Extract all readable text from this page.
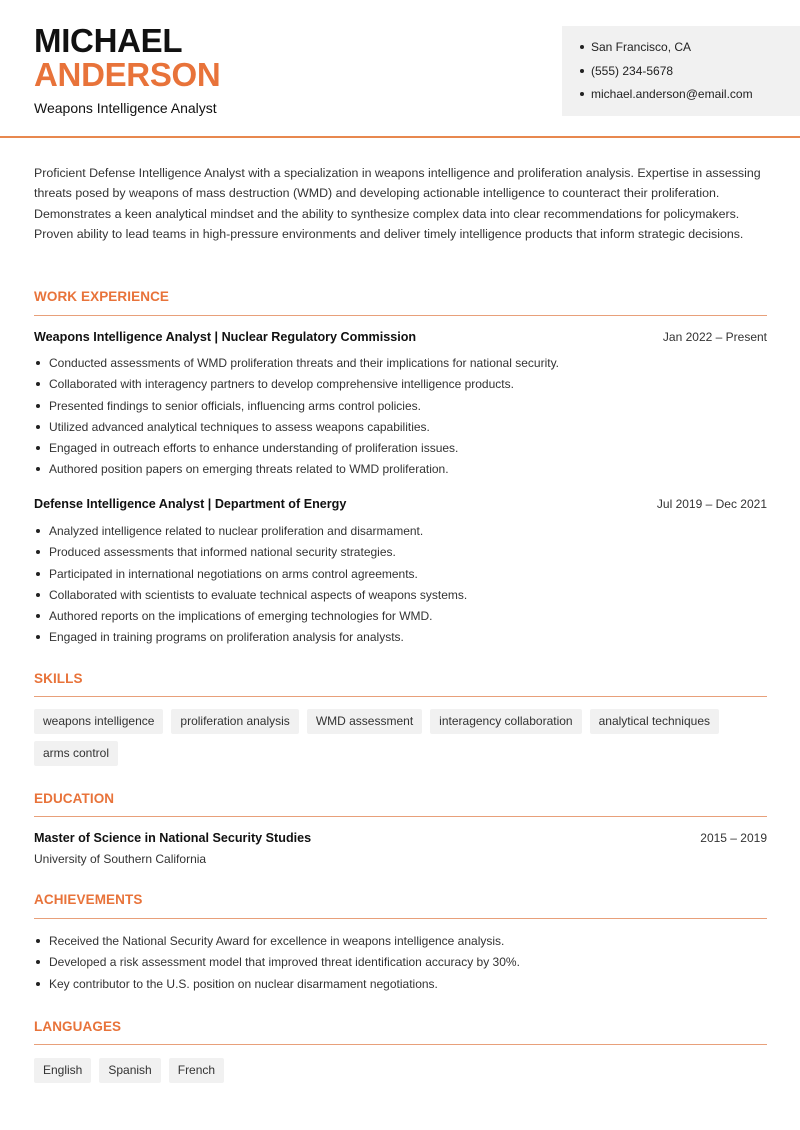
MICHAEL
ANDERSON
Weapons Intelligence Analyst
San Francisco, CA
(555) 234-5678
michael.anderson@email.com

Proficient Defense Intelligence Analyst with a specialization in weapons intelligence and proliferation analysis. Expertise in assessing threats posed by weapons of mass destruction (WMD) and developing actionable intelligence to counteract their proliferation. Demonstrates a keen analytical mindset and the ability to synthesize complex data into clear recommendations for policymakers. Proven ability to lead teams in high-pressure environments and deliver timely intelligence products that inform strategic decisions.

WORK EXPERIENCE
Weapons Intelligence Analyst | Nuclear Regulatory Commission	Jan 2022 – Present
Conducted assessments of WMD proliferation threats and their implications for national security.
Collaborated with interagency partners to develop comprehensive intelligence products.
Presented findings to senior officials, influencing arms control policies.
Utilized advanced analytical techniques to assess weapons capabilities.
Engaged in outreach efforts to enhance understanding of proliferation issues.
Authored position papers on emerging threats related to WMD proliferation.
Defense Intelligence Analyst | Department of Energy	Jul 2019 – Dec 2021
Analyzed intelligence related to nuclear proliferation and disarmament.
Produced assessments that informed national security strategies.
Participated in international negotiations on arms control agreements.
Collaborated with scientists to evaluate technical aspects of weapons systems.
Authored reports on the implications of emerging technologies for WMD.
Engaged in training programs on proliferation analysis for analysts.
SKILLS
weapons intelligence	proliferation analysis	WMD assessment	interagency collaboration	analytical techniques
arms control
EDUCATION
Master of Science in National Security Studies	2015 – 2019
University of Southern California
ACHIEVEMENTS
Received the National Security Award for excellence in weapons intelligence analysis.
Developed a risk assessment model that improved threat identification accuracy by 30%.
Key contributor to the U.S. position on nuclear disarmament negotiations.
LANGUAGES
English	Spanish	French
